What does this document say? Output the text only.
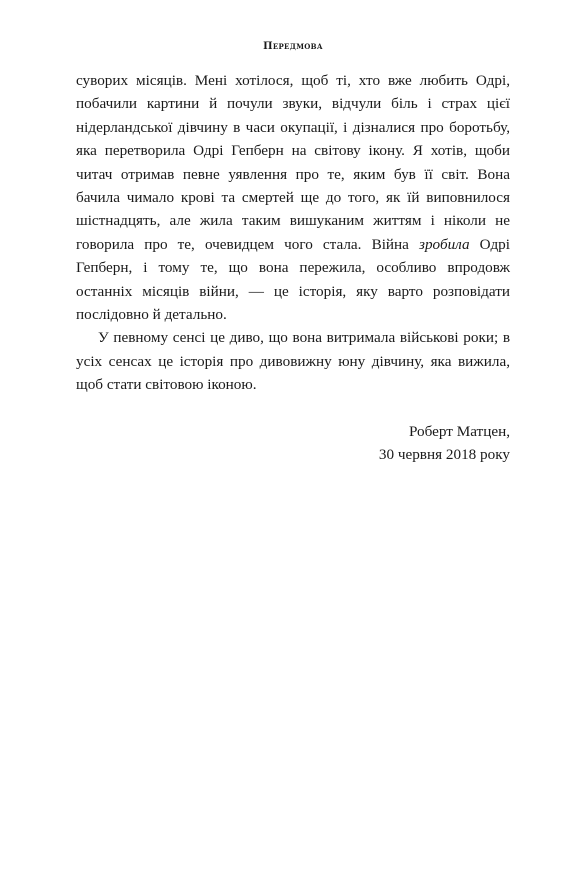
Передмова

суворих місяців. Мені хотілося, щоб ті, хто вже любить Одрі, побачили картини й почули звуки, відчули біль і страх цієї нідерландської дівчину в часи окупації, і дізналися про боротьбу, яка перетворила Одрі Гепберн на світову ікону. Я хотів, щоби читач отримав певне уявлення про те, яким був її світ. Вона бачила чимало крові та смертей ще до того, як їй виповнилося шістнадцять, але жила таким вишуканим життям і ніколи не говорила про те, очевидцем чого стала. Війна зробила Одрі Гепберн, і тому те, що вона пережила, особливо впродовж останніх місяців війни, — це історія, яку варто розповідати послідовно й детально.

У певному сенсі це диво, що вона витримала військові роки; в усіх сенсах це історія про дивовижну юну дівчину, яка вижила, щоб стати світовою іконою.

Роберт Матцен,
30 червня 2018 року
